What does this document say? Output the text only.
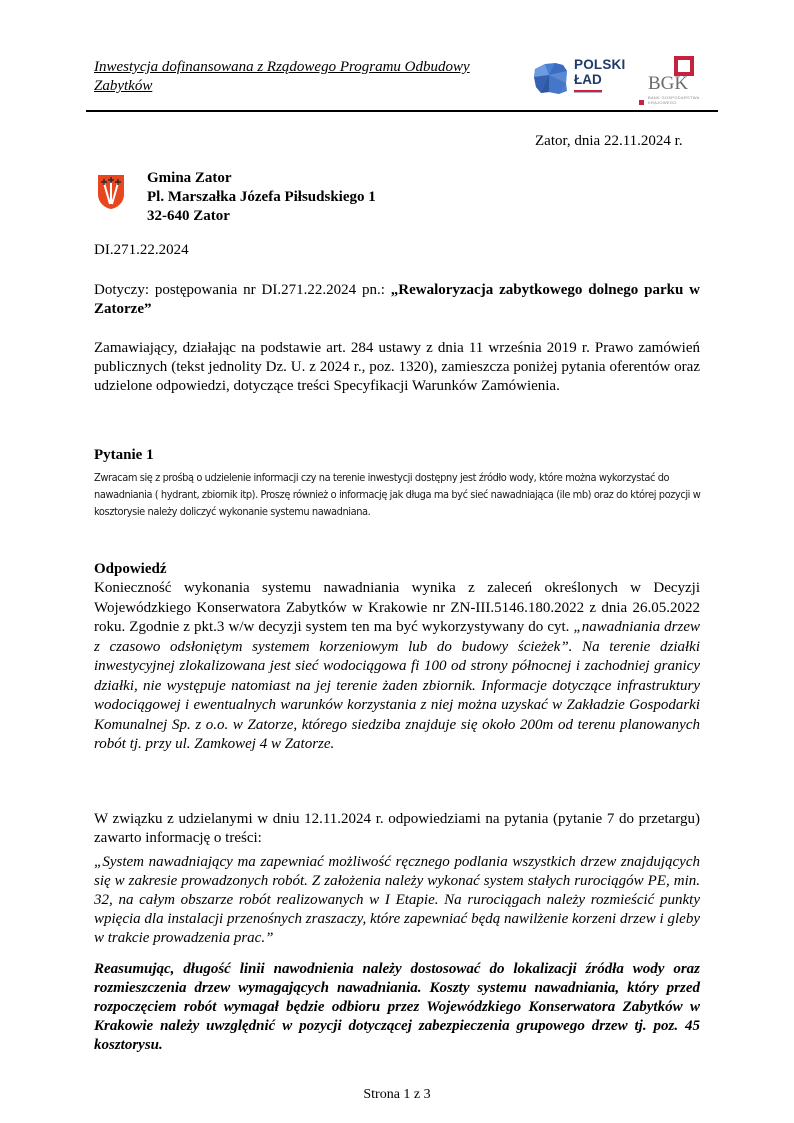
Inwestycja dofinansowana z Rządowego Programu Odbudowy Zabytków
POLSKI
ŁAD BGK
BANK GOSPODARSTWA
KRAJOWEGO
Zator, dnia 22.11.2024 r.
Gmina Zator
Pl. Marszałka Józefa Piłsudskiego 1
32-640 Zator
DI.271.22.2024
Dotyczy: postępowania nr DI.271.22.2024 pn.: „Rewaloryzacja zabytkowego dolnego parku w Zatorze”
Zamawiający, działając na podstawie art. 284 ustawy z dnia 11 września 2019 r. Prawo zamówień publicznych (tekst jednolity Dz. U. z 2024 r., poz. 1320), zamieszcza poniżej pytania oferentów oraz udzielone odpowiedzi, dotyczące treści Specyfikacji Warunków Zamówienia.
Pytanie 1
Zwracam się z prośbą o udzielenie informacji czy na terenie inwestycji dostępny jest źródło wody, które można wykorzystać do nawadniania ( hydrant, zbiornik itp). Proszę również o informację jak długa ma być sieć nawadniająca (ile mb) oraz do której pozycji w kosztorysie należy doliczyć wykonanie systemu nawadniana.
Odpowiedź
Konieczność wykonania systemu nawadniania wynika z zaleceń określonych w Decyzji Wojewódzkiego Konserwatora Zabytków w Krakowie nr ZN-III.5146.180.2022 z dnia 26.05.2022 roku. Zgodnie z pkt.3 w/w decyzji system ten ma być wykorzystywany do cyt. „nawadniania drzew z czasowo odsłoniętym systemem korzeniowym lub do budowy ścieżek”. Na terenie działki inwestycyjnej zlokalizowana jest sieć wodociągowa fi 100 od strony północnej i zachodniej granicy działki, nie występuje natomiast na jej terenie żaden zbiornik. Informacje dotyczące infrastruktury wodociągowej i ewentualnych warunków korzystania z niej można uzyskać w Zakładzie Gospodarki Komunalnej Sp. z o.o. w Zatorze, którego siedziba znajduje się około 200m od terenu planowanych robót tj. przy ul. Zamkowej 4 w Zatorze.
W związku z udzielanymi w dniu 12.11.2024 r. odpowiedziami na pytania (pytanie 7 do przetargu) zawarto informację o treści:
„System nawadniający ma zapewniać możliwość ręcznego podlania wszystkich drzew znajdujących się w zakresie prowadzonych robót. Z założenia należy wykonać system stałych rurociągów PE, min. 32, na całym obszarze robót realizowanych w I Etapie. Na rurociągach należy rozmieścić punkty wpięcia dla instalacji przenośnych zraszaczy, które zapewniać będą nawilżenie korzeni drzew i gleby w trakcie prowadzenia prac.”
Reasumując, długość linii nawodnienia należy dostosować do lokalizacji źródła wody oraz rozmieszczenia drzew wymagających nawadniania. Koszty systemu nawadniania, który przed rozpoczęciem robót wymagał będzie odbioru przez Wojewódzkiego Konserwatora Zabytków w Krakowie należy uwzględnić w pozycji dotyczącej zabezpieczenia grupowego drzew tj. poz. 45 kosztorysu.
Strona 1 z 3
